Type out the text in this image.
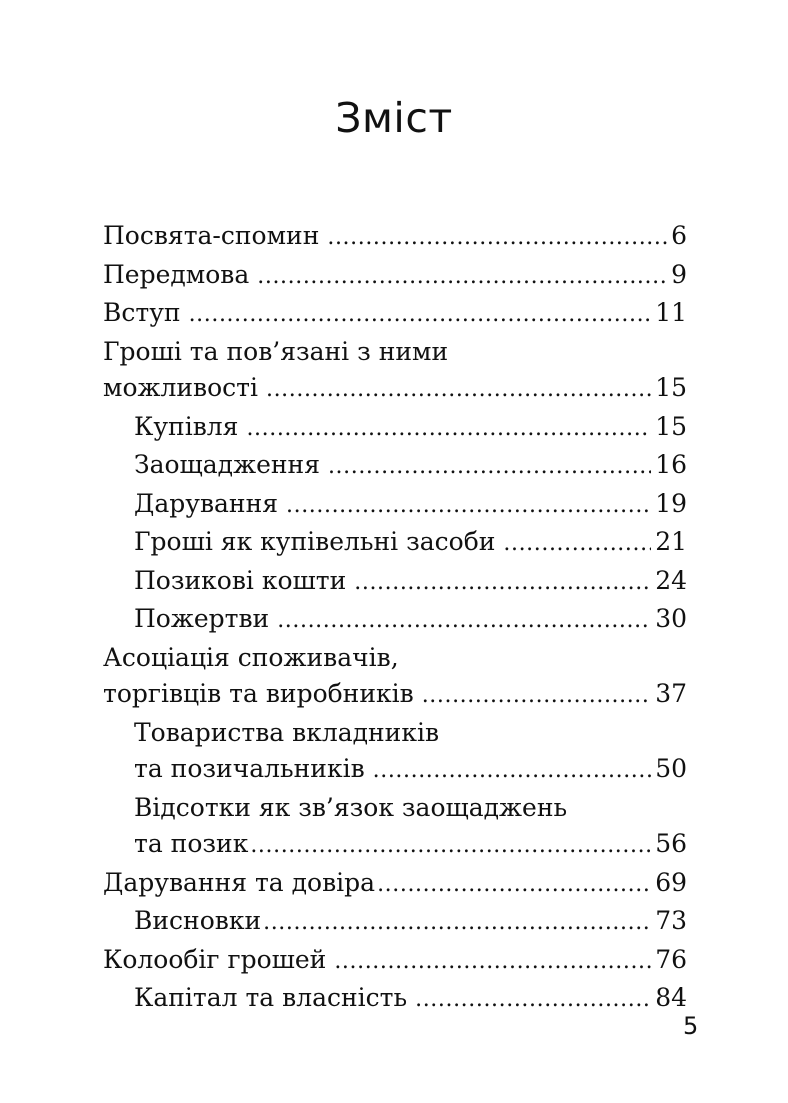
Зміст
Посвята-спомин .....	6
Передмова .....	9
Вступ .....	11
Гроші та пов’язані з ними
можливості .....	15
Купівля .....	15
Заощадження .....	16
Дарування .....	19
Гроші як купівельні засоби .....	21
Позикові кошти .....	24
Пожертви .....	30
Асоціація споживачів,
торгівців та виробників .....	37
Товариства вкладників
та позичальників .....	50
Відсотки як зв’язок заощаджень
та позик .....	56
Дарування та довіра .....	69
Висновки .....	73
Колообіг грошей .....	76
Капітал та власність .....	84
5
